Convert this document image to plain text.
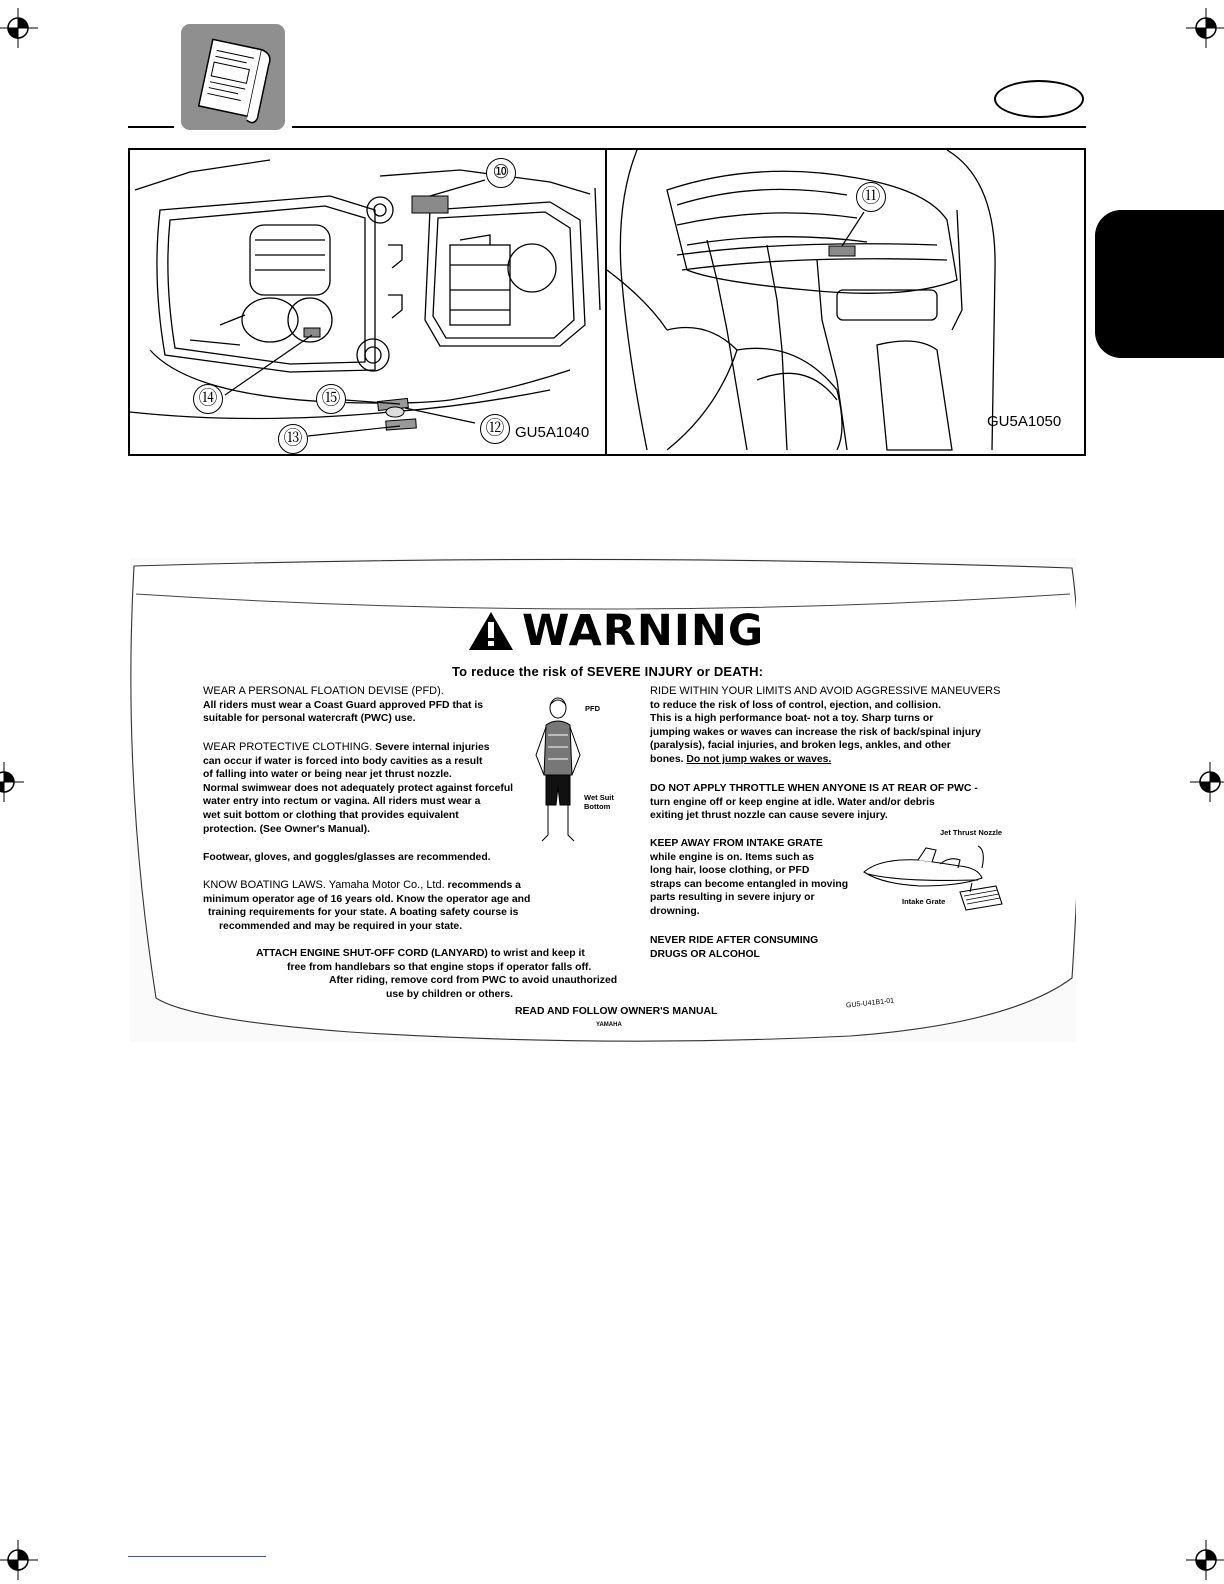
⑩
⑭	⑮
⑫
⑬	GU5A1040
⑪
GU5A1050
WARNING
To reduce the risk of SEVERE INJURY or DEATH:

WEAR A PERSONAL FLOATION DEVISE (PFD).

All riders must wear a Coast Guard approved PFD that is

suitable for personal watercraft (PWC) use.

WEAR PROTECTIVE CLOTHING. Severe internal injuries

can occur if water is forced into body cavities as a result

of falling into water or being near jet thrust nozzle.

Normal swimwear does not adequately protect against forceful

water entry into rectum or vagina. All riders must wear a

wet suit bottom or clothing that provides equivalent

protection. (See Owner's Manual).

Footwear, gloves, and goggles/glasses are recommended.

KNOW BOATING LAWS. Yamaha Motor Co., Ltd. recommends a

minimum operator age of 16 years old. Know the operator age and

training requirements for your state. A boating safety course is

recommended and may be required in your state.

ATTACH ENGINE SHUT-OFF CORD (LANYARD) to wrist and keep it

free from handlebars so that engine stops if operator falls off.

After riding, remove cord from PWC to avoid unauthorized

use by children or others.

PFD
Wet Suit
Bottom

RIDE WITHIN YOUR LIMITS AND AVOID AGGRESSIVE MANEUVERS

to reduce the risk of loss of control, ejection, and collision.

This is a high performance boat- not a toy. Sharp turns or

jumping wakes or waves can increase the risk of back/spinal injury

(paralysis), facial injuries, and broken legs, ankles, and other

bones. Do not jump wakes or waves.

DO NOT APPLY THROTTLE WHEN ANYONE IS AT REAR OF PWC -

turn engine off or keep engine at idle. Water and/or debris

exiting jet thrust nozzle can cause severe injury.

KEEP AWAY FROM INTAKE GRATE

while engine is on. Items such as

long hair, loose clothing, or PFD

straps can become entangled in moving

parts resulting in severe injury or

drowning.

NEVER RIDE AFTER CONSUMING

DRUGS OR ALCOHOL

Jet Thrust Nozzle
Intake Grate
READ AND FOLLOW OWNER'S MANUAL
YAMAHA
GU5-U41B1-01
